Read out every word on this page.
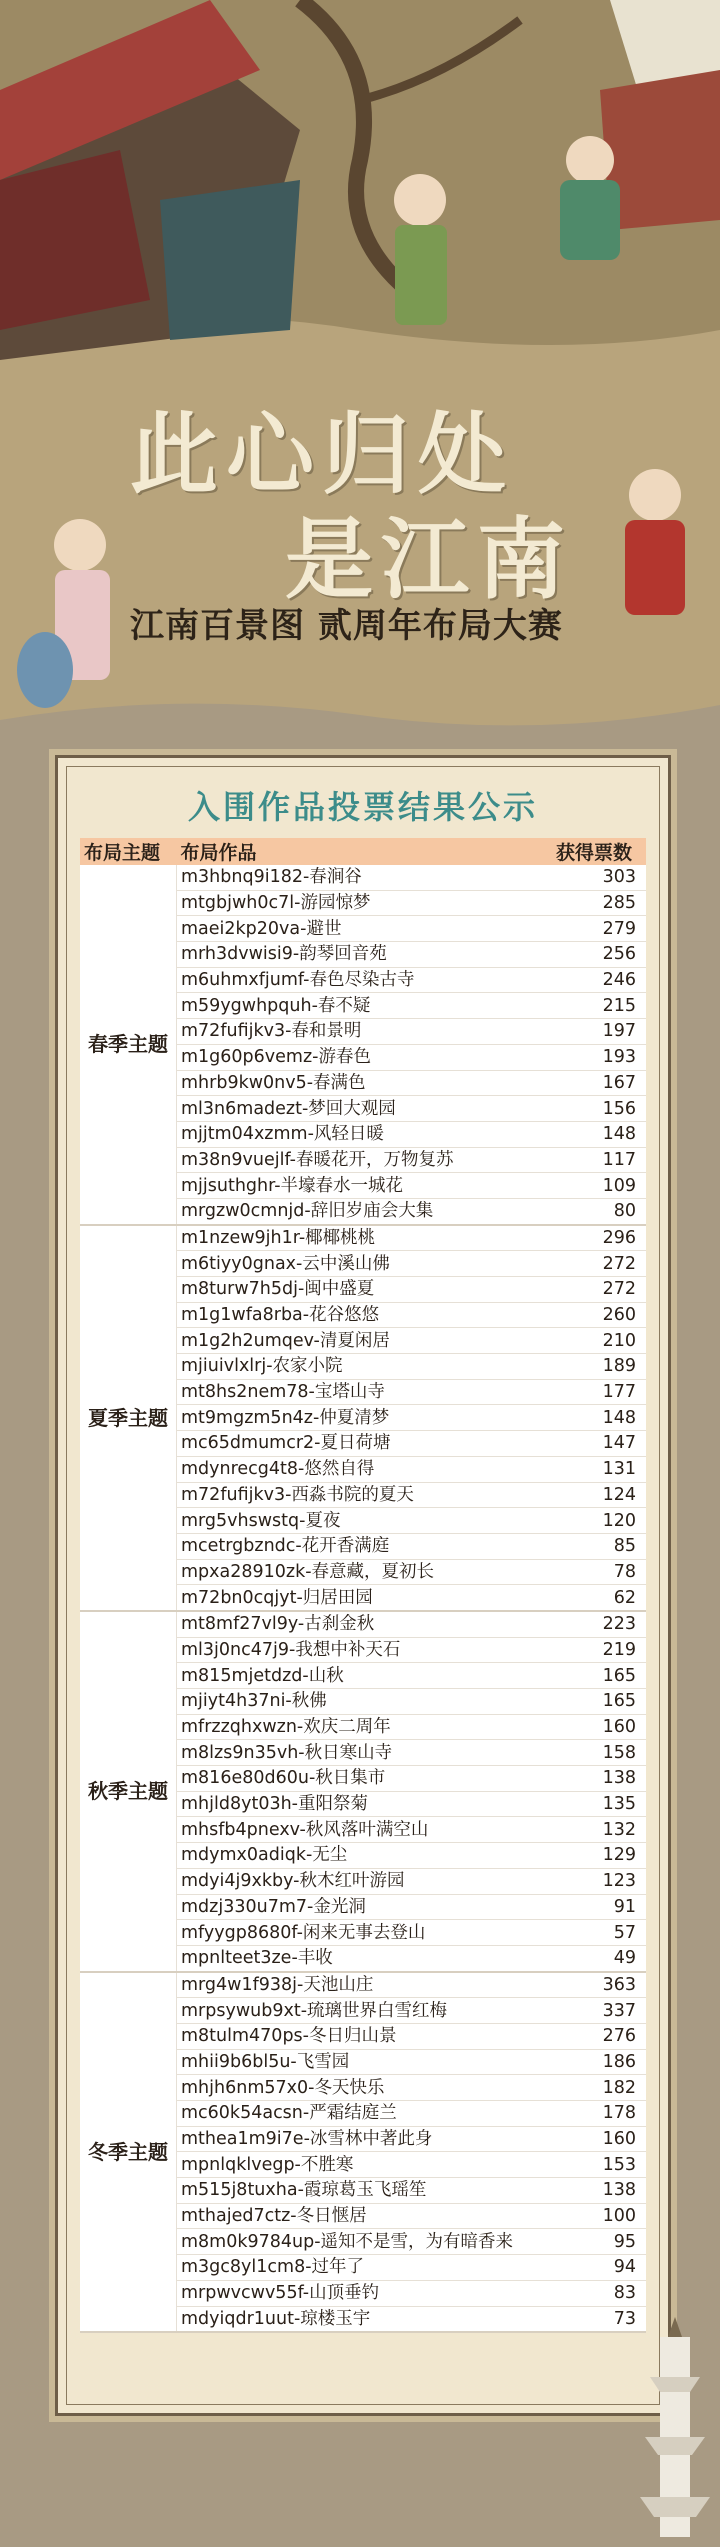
此心归处
是江南
江南百景图 贰周年布局大赛
入围作品投票结果公示
布局主题	布局作品	获得票数
春季主题	m3hbnq9i182-春涧谷	303
	mtgbjwh0c7l-游园惊梦	285
	maei2kp20va-避世	279
	mrh3dvwisi9-韵琴回音苑	256
	m6uhmxfjumf-春色尽染古寺	246
	m59ygwhpquh-春不疑	215
	m72fufijkv3-春和景明	197
	m1g60p6vemz-游春色	193
	mhrb9kw0nv5-春满色	167
	ml3n6madezt-梦回大观园	156
	mjjtm04xzmm-风轻日暖	148
	m38n9vuejlf-春暖花开，万物复苏	117
	mjjsuthghr-半壕春水一城花	109
	mrgzw0cmnjd-辞旧岁庙会大集	80
夏季主题	m1nzew9jh1r-椰椰桃桃	296
	m6tiyy0gnax-云中溪山佛	272
	m8turw7h5dj-闽中盛夏	272
	m1g1wfa8rba-花谷悠悠	260
	m1g2h2umqev-清夏闲居	210
	mjiuivlxlrj-农家小院	189
	mt8hs2nem78-宝塔山寺	177
	mt9mgzm5n4z-仲夏清梦	148
	mc65dmumcr2-夏日荷塘	147
	mdynrecg4t8-悠然自得	131
	m72fufijkv3-西淼书院的夏天	124
	mrg5vhswstq-夏夜	120
	mcetrgbzndc-花开香满庭	85
	mpxa28910zk-春意藏，夏初长	78
	m72bn0cqjyt-归居田园	62
秋季主题	mt8mf27vl9y-古刹金秋	223
	ml3j0nc47j9-我想中补天石	219
	m815mjetdzd-山秋	165
	mjiyt4h37ni-秋佛	165
	mfrzzqhxwzn-欢庆二周年	160
	m8lzs9n35vh-秋日寒山寺	158
	m816e80d60u-秋日集市	138
	mhjld8yt03h-重阳祭菊	135
	mhsfb4pnexv-秋风落叶满空山	132
	mdymx0adiqk-无尘	129
	mdyi4j9xkby-秋木红叶游园	123
	mdzj330u7m7-金光洞	91
	mfyygp8680f-闲来无事去登山	57
	mpnlteet3ze-丰收	49
冬季主题	mrg4w1f938j-天池山庄	363
	mrpsywub9xt-琉璃世界白雪红梅	337
	m8tulm470ps-冬日归山景	276
	mhii9b6bl5u-飞雪园	186
	mhjh6nm57x0-冬天快乐	182
	mc60k54acsn-严霜结庭兰	178
	mthea1m9i7e-冰雪林中著此身	160
	mpnlqklvegp-不胜寒	153
	m515j8tuxha-霞琼葛玉飞瑶笙	138
	mthajed7ctz-冬日惬居	100
	m8m0k9784up-遥知不是雪，为有暗香来	95
	m3gc8yl1cm8-过年了	94
	mrpwvcwv55f-山顶垂钓	83
	mdyiqdr1uut-琼楼玉宇	73
